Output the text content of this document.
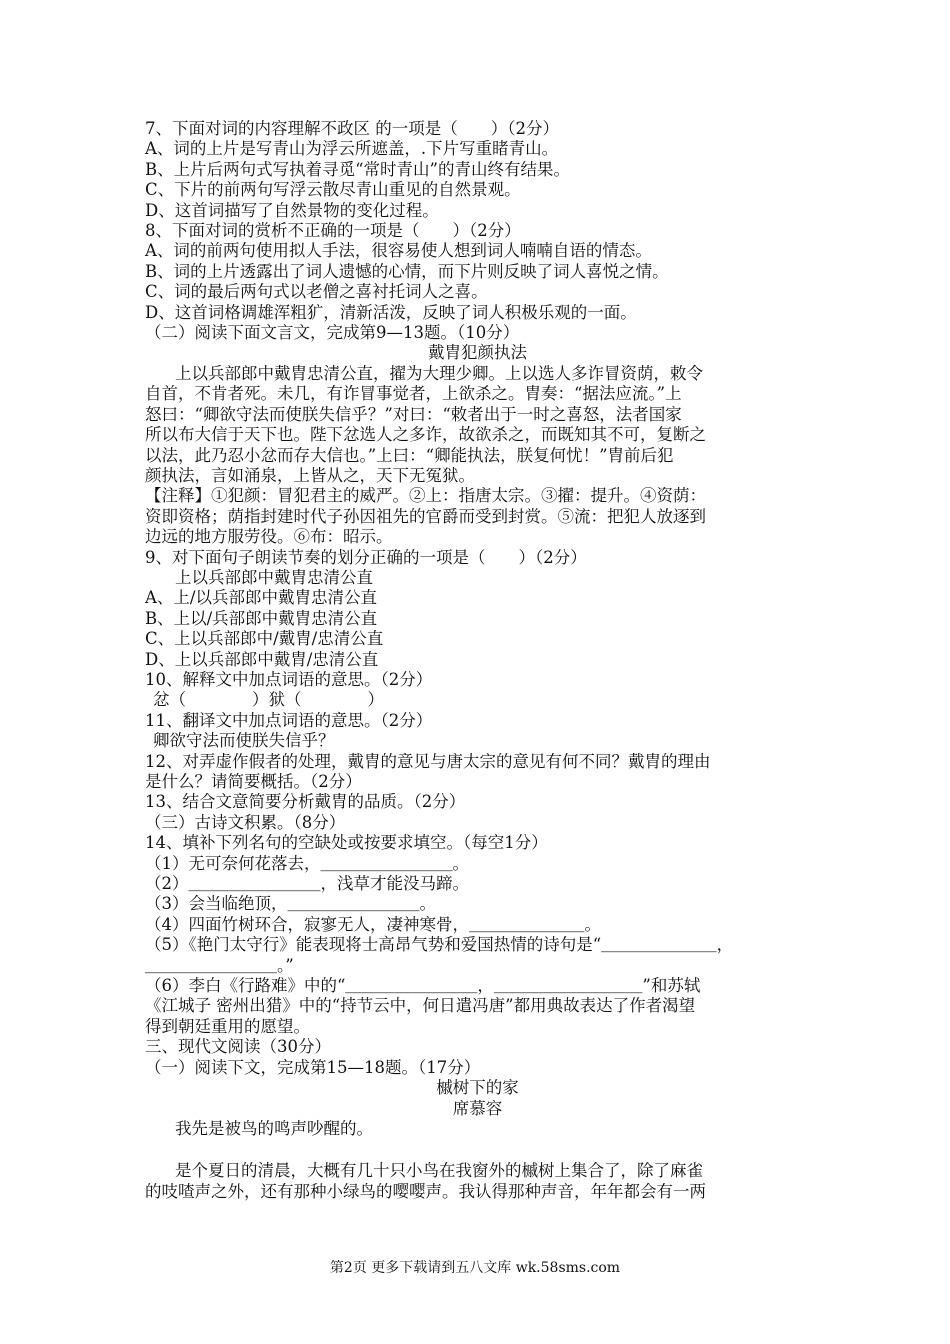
7、下面对词的内容理解不政区 的一项是（　　）（2分）
A、词的上片是写青山为浮云所遮盖，.下片写重睹青山。
B、上片后两句式写执着寻觅“常时青山”的青山终有结果。
C、下片的前两句写浮云散尽青山重见的自然景观。
D、这首词描写了自然景物的变化过程。
8、下面对词的赏析不正确的一项是（　　）（2分）
A、词的前两句使用拟人手法，很容易使人想到词人喃喃自语的情态。
B、词的上片透露出了词人遗憾的心情，而下片则反映了词人喜悦之情。
C、词的最后两句式以老僧之喜衬托词人之喜。
D、这首词格调雄浑粗犷，清新活泼，反映了词人积极乐观的一面。
（二）阅读下面文言文，完成第9—13题。（10分）
戴胄犯颜执法
上以兵部郎中戴胄忠清公直，擢为大理少卿。上以选人多诈冒资荫，敕令
自首，不肯者死。未几，有诈冒事觉者，上欲杀之。胄奏：“据法应流。”上
怒曰：“卿欲守法而使朕失信乎？”对曰：“敕者出于一时之喜怒，法者国家
所以布大信于天下也。陛下忿选人之多诈，故欲杀之，而既知其不可，复断之
以法，此乃忍小忿而存大信也。”上曰：“卿能执法，朕复何忧！”胄前后犯
颜执法，言如涌泉，上皆从之，天下无冤狱。
【注释】①犯颜：冒犯君主的威严。②上：指唐太宗。③擢：提升。④资荫：
资即资格；荫指封建时代子孙因祖先的官爵而受到封赏。⑤流：把犯人放逐到
边远的地方服劳役。⑥布：昭示。
9、对下面句子朗读节奏的划分正确的一项是（　　）（2分）
上以兵部郎中戴胄忠清公直
A、上/以兵部郎中戴胄忠清公直
B、上以/兵部郎中戴胄忠清公直
C、上以兵部郎中/戴胄/忠清公直
D、上以兵部郎中戴胄/忠清公直
10、解释文中加点词语的意思。（2分）
忿（　　　　）狱（　　　　）
11、翻译文中加点词语的意思。（2分）
卿欲守法而使朕失信乎？
12、对弄虚作假者的处理，戴胄的意见与唐太宗的意见有何不同？戴胄的理由
是什么？请简要概括。（2分）
13、结合文意简要分析戴胄的品质。（2分）
（三）古诗文积累。（8分）
14、填补下列名句的空缺处或按要求填空。（每空1分）
（1）无可奈何花落去，＿＿＿＿＿＿＿＿。
（2）＿＿＿＿＿＿＿＿，浅草才能没马蹄。
（3）会当临绝顶，＿＿＿＿＿＿＿＿。
（4）四面竹树环合，寂寥无人，凄神寒骨，＿＿＿＿＿＿＿。
（5）《艳门太守行》能表现将士高昂气势和爱国热情的诗句是“＿＿＿＿＿＿＿，
＿＿＿＿＿＿＿＿。”
（6）李白《行路难》中的“＿＿＿＿＿＿＿＿，＿＿＿＿＿＿＿＿＿”和苏轼
《江城子 密州出猎》中的“持节云中，何日遣冯唐”都用典故表达了作者渴望
得到朝廷重用的愿望。
三、现代文阅读（30分）
（一）阅读下文，完成第15—18题。（17分）
槭树下的家
席慕容
我先是被鸟的鸣声吵醒的。
是个夏日的清晨，大概有几十只小鸟在我窗外的槭树上集合了，除了麻雀
的吱喳声之外，还有那种小绿鸟的嘤嘤声。我认得那种声音，年年都会有一两
第2页 更多下载请到五八文库 wk.58sms.com
